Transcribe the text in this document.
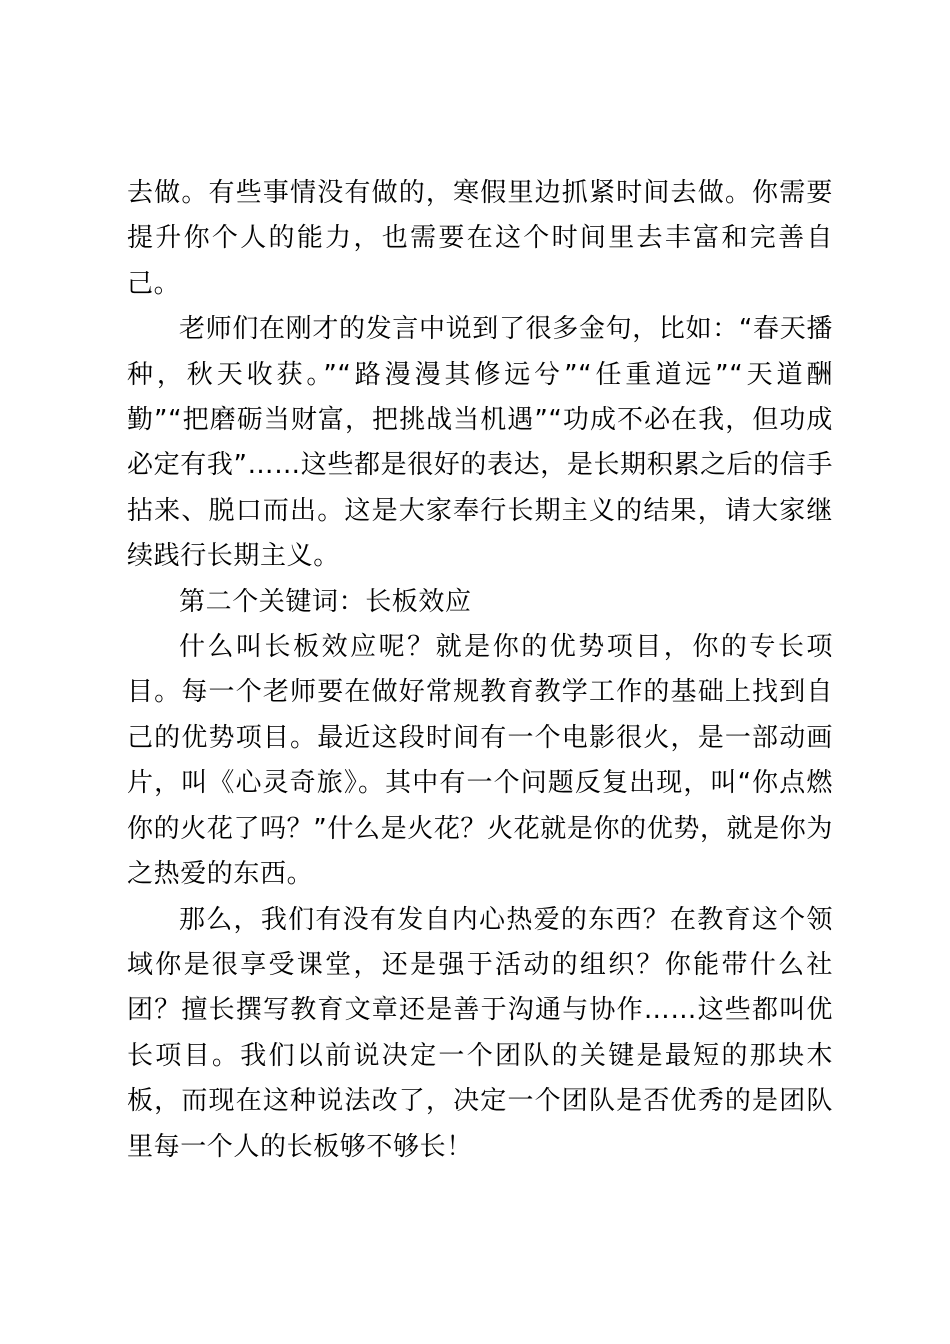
去做。有些事情没有做的，寒假里边抓紧时间去做。你需要提升你个人的能力，也需要在这个时间里去丰富和完善自己。

老师们在刚才的发言中说到了很多金句，比如：“春天播种，秋天收获。”“路漫漫其修远兮”“任重道远”“天道酬勤”“把磨砺当财富，把挑战当机遇”“功成不必在我，但功成必定有我”……这些都是很好的表达，是长期积累之后的信手拈来、脱口而出。这是大家奉行长期主义的结果，请大家继续践行长期主义。

第二个关键词：长板效应

什么叫长板效应呢？就是你的优势项目，你的专长项目。每一个老师要在做好常规教育教学工作的基础上找到自己的优势项目。最近这段时间有一个电影很火，是一部动画片，叫《心灵奇旅》。其中有一个问题反复出现，叫“你点燃你的火花了吗？”什么是火花？火花就是你的优势，就是你为之热爱的东西。

那么，我们有没有发自内心热爱的东西？在教育这个领域你是很享受课堂，还是强于活动的组织？你能带什么社团？擅长撰写教育文章还是善于沟通与协作……这些都叫优长项目。我们以前说决定一个团队的关键是最短的那块木板，而现在这种说法改了，决定一个团队是否优秀的是团队里每一个人的长板够不够长！
